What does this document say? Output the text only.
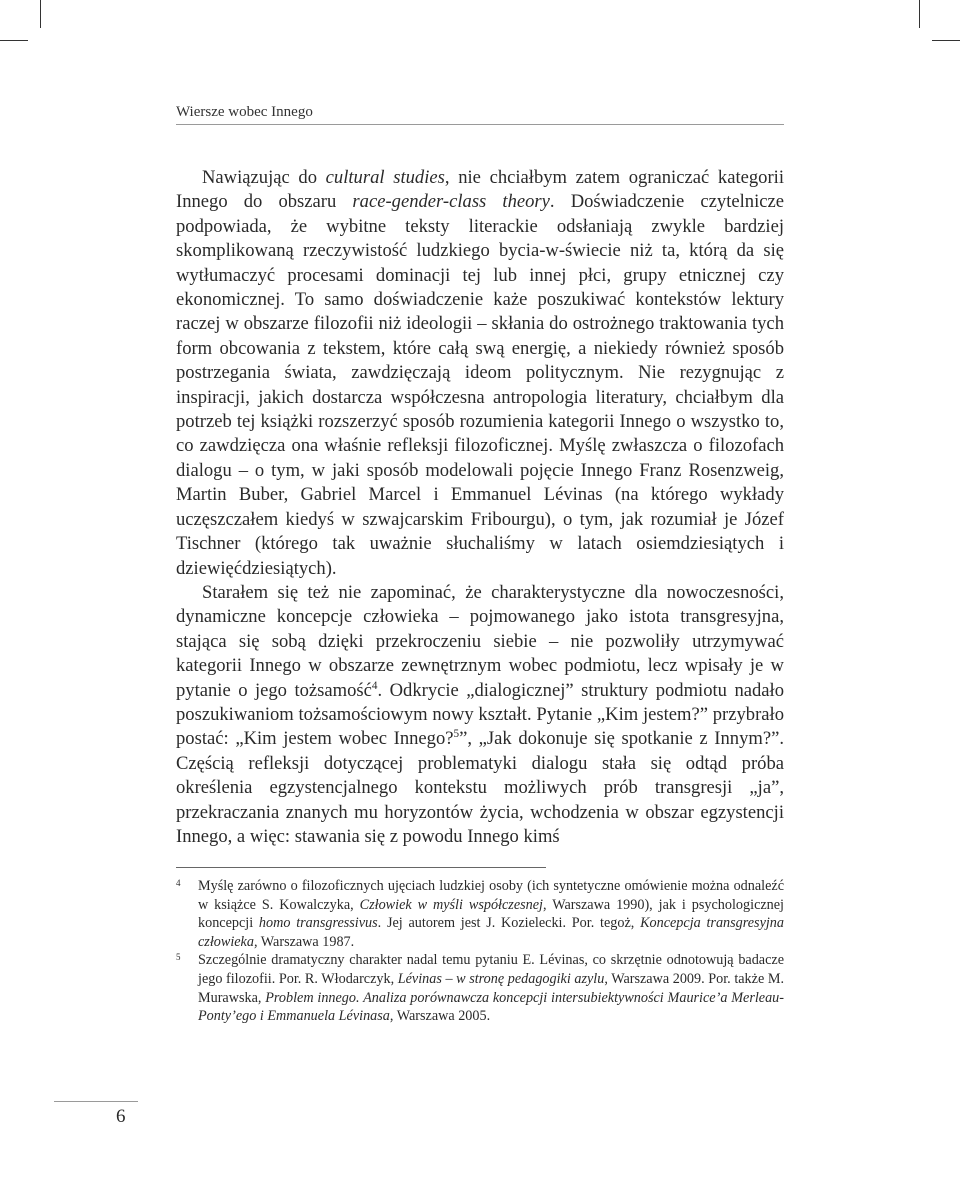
Wiersze wobec Innego

Nawiązując do cultural studies, nie chciałbym zatem ograniczać kategorii Innego do obszaru race-gender-class theory. Doświadczenie czytelnicze podpowiada, że wybitne teksty literackie odsłaniają zwykle bardziej skomplikowaną rzeczywistość ludzkiego bycia-w-świecie niż ta, którą da się wytłumaczyć procesami dominacji tej lub innej płci, grupy etnicznej czy ekonomicznej. To samo doświadczenie każe poszukiwać kontekstów lektury raczej w obszarze filozofii niż ideologii – skłania do ostrożnego traktowania tych form obcowania z tekstem, które całą swą energię, a niekiedy również sposób postrzegania świata, zawdzięczają ideom politycznym. Nie rezygnując z inspiracji, jakich dostarcza współczesna antropologia literatury, chciałbym dla potrzeb tej książki rozszerzyć sposób rozumienia kategorii Innego o wszystko to, co zawdzięcza ona właśnie refleksji filozoficznej. Myślę zwłaszcza o filozofach dialogu – o tym, w jaki sposób modelowali pojęcie Innego Franz Rosenzweig, Martin Buber, Gabriel Marcel i Emmanuel Lévinas (na którego wykłady uczęszczałem kiedyś w szwajcarskim Fribourgu), o tym, jak rozumiał je Józef Tischner (którego tak uważnie słuchaliśmy w latach osiemdziesiątych i dziewięćdziesiątych).

Starałem się też nie zapominać, że charakterystyczne dla nowoczesności, dynamiczne koncepcje człowieka – pojmowanego jako istota transgresyjna, stająca się sobą dzięki przekroczeniu siebie – nie pozwoliły utrzymywać kategorii Innego w obszarze zewnętrznym wobec podmiotu, lecz wpisały je w pytanie o jego tożsamość$^4$. Odkrycie „dialogicznej” struktury podmiotu nadało poszukiwaniom tożsamościowym nowy kształt. Pytanie „Kim jestem?” przybrało postać: „Kim jestem wobec Innego?$^5$”, „Jak dokonuje się spotkanie z Innym?”. Częścią refleksji dotyczącej problematyki dialogu stała się odtąd próba określenia egzystencjalnego kontekstu możliwych prób transgresji „ja”, przekraczania znanych mu horyzontów życia, wchodzenia w obszar egzystencji Innego, a więc: stawania się z powodu Innego kimś

4 Myślę zarówno o filozoficznych ujęciach ludzkiej osoby (ich syntetyczne omówienie można odnaleźć w książce S. Kowalczyka, Człowiek w myśli współczesnej, Warszawa 1990), jak i psychologicznej koncepcji homo transgressivus. Jej autorem jest J. Kozielecki. Por. tegoż, Koncepcja transgresyjna człowieka, Warszawa 1987.
5 Szczególnie dramatyczny charakter nadal temu pytaniu E. Lévinas, co skrzętnie odnotowują badacze jego filozofii. Por. R. Włodarczyk, Lévinas – w stronę pedagogiki azylu, Warszawa 2009. Por. także M. Murawska, Problem innego. Analiza porównawcza koncepcji intersubiektywności Maurice’a Merleau-Ponty’ego i Emmanuela Lévinasa, Warszawa 2005.
6
